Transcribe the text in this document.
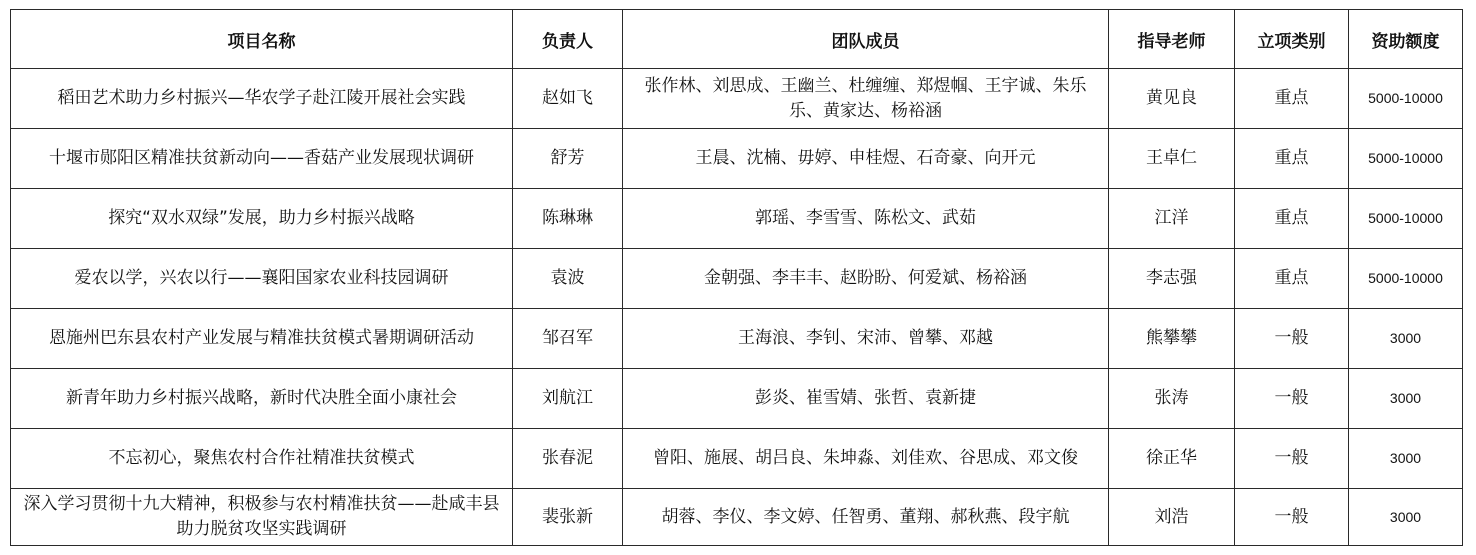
项目名称	负责人	团队成员	指导老师	立项类别	资助额度
稻田艺术助力乡村振兴—华农学子赴江陵开展社会实践	赵如飞	张作林、刘思成、王幽兰、杜缠缠、郑煜帼、王宇诚、朱乐乐、黄家达、杨裕涵	黄见良	重点	5000-10000
十堰市郧阳区精准扶贫新动向——香菇产业发展现状调研	舒芳	王晨、沈楠、毋婷、申桂煜、石奇豪、向开元	王卓仁	重点	5000-10000
探究“双水双绿”发展，助力乡村振兴战略	陈琳琳	郭瑶、李雪雪、陈松文、武茹	江洋	重点	5000-10000
爱农以学，兴农以行——襄阳国家农业科技园调研	袁波	金朝强、李丰丰、赵盼盼、何爱斌、杨裕涵	李志强	重点	5000-10000
恩施州巴东县农村产业发展与精准扶贫模式暑期调研活动	邹召军	王海浪、李钊、宋沛、曾攀、邓越	熊攀攀	一般	3000
新青年助力乡村振兴战略，新时代决胜全面小康社会	刘航江	彭炎、崔雪婧、张哲、袁新捷	张涛	一般	3000
不忘初心，聚焦农村合作社精准扶贫模式	张春泥	曾阳、施展、胡吕良、朱坤淼、刘佳欢、谷思成、邓文俊	徐正华	一般	3000
深入学习贯彻十九大精神，积极参与农村精准扶贫——赴咸丰县助力脱贫攻坚实践调研	裴张新	胡蓉、李仪、李文婷、任智勇、董翔、郝秋燕、段宇航	刘浩	一般	3000
